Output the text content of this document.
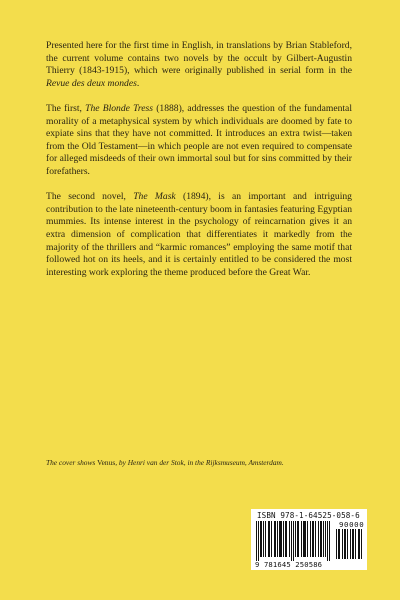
Presented here for the first time in English, in translations by Brian Stableford, the current volume contains two novels by the occult by Gilbert-Augustin Thierry (1843-1915), which were originally published in serial form in the Revue des deux mondes.

The first, The Blonde Tress (1888), addresses the question of the fundamental morality of a metaphysical system by which individuals are doomed by fate to expiate sins that they have not committed. It introduces an extra twist—taken from the Old Testament—in which people are not even required to compensate for alleged misdeeds of their own immortal soul but for sins committed by their forefathers.

The second novel, The Mask (1894), is an important and intriguing contribution to the late nineteenth-century boom in fantasies featuring Egyptian mummies. Its intense interest in the psychology of reincarnation gives it an extra dimension of complication that differentiates it markedly from the majority of the thrillers and “karmic romances” employing the same motif that followed hot on its heels, and it is certainly entitled to be considered the most interesting work exploring the theme produced before the Great War.

The cover shows Venus, by Henri van der Stok, in the Rijksmuseum, Amsterdam.
ISBN 978-1-64525-058-6
90000
9 781645 250586
